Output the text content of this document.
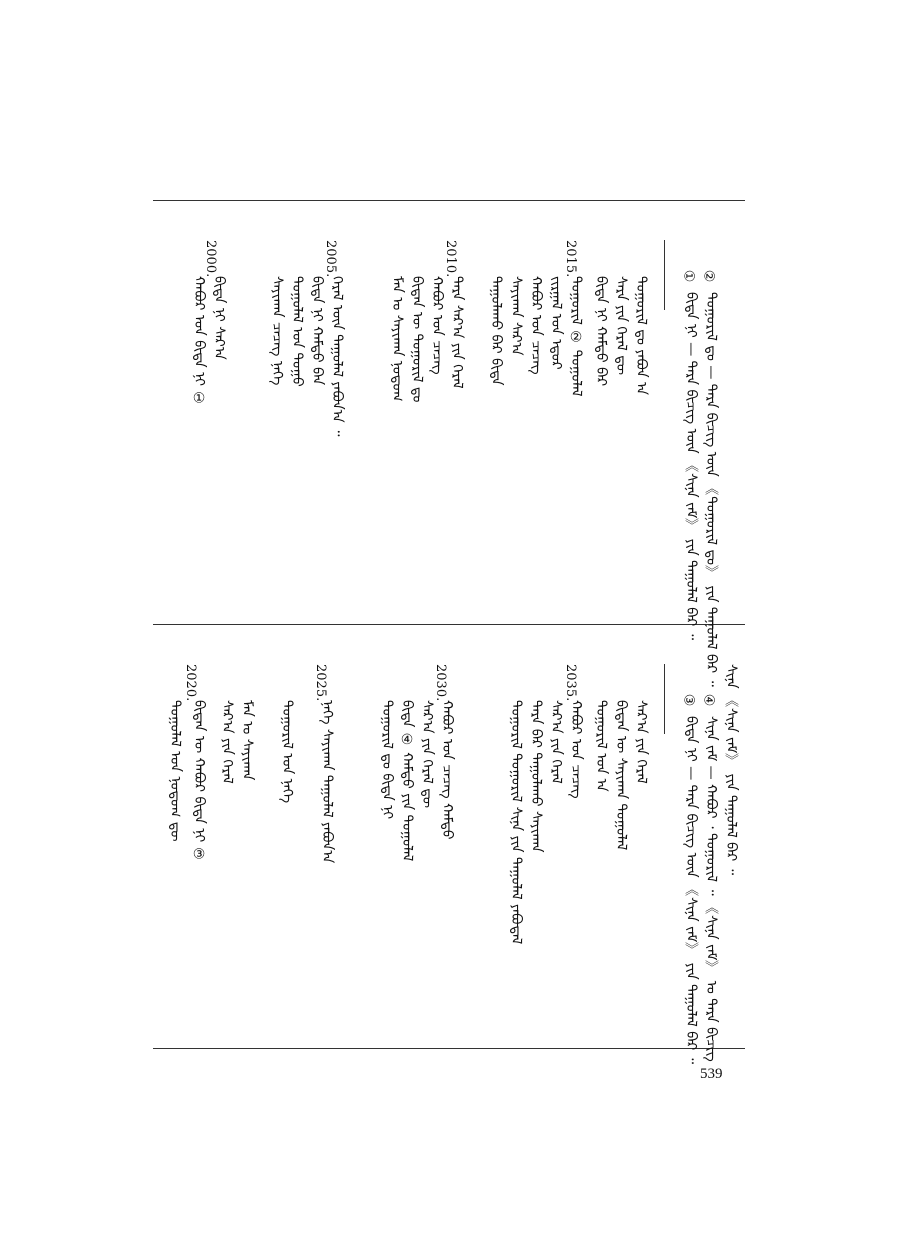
②
①
ᠲᠤᠭᠤᠷᠢᠯ ᠳᠤ — ᠲᠡᠷᠡ ᠪᠢᠴᠢᠭ᠌ ᠦᠨ 《ᠲᠤᠭᠤᠷᠢᠯ ᠳᠤ》 ᠶᠢᠨ ᠳᠠᠭᠤᠯᠠᠯ ᠪᠡᠷ ᠃
ᠪᠢᠳᠡ ᠨᠢ — ᠲᠡᠷᠡ ᠪᠢᠴᠢᠭ᠌ ᠦᠨ 《ᠰᠢᠨᠡ ᠵᠠᠮ》 ᠶᠢᠨ ᠳᠠᠭᠤᠯᠠᠯ ᠪᠡᠷ ᠃
2015.
2010.
2005.
2000.
ᠲᠤᠭᠤᠷᠢᠯ ᠳᠤ ᠶᠠᠪᠤᠨ ᠠ
ᠰᠠᠷᠠ ᠶᠢᠨ ᠭᠡᠷᠡᠯ ᠳᠦ
ᠪᠢᠳᠡ ᠨᠢ ᠬᠠᠮᠲᠤ ᠪᠡᠷ
ᠲᠤᠭᠤᠷᠢᠯ ② ᠳᠤᠭᠤᠯᠠᠯ
ᠵᠢᠷᠭᠠᠯ ᠤᠨ ᠡᠳᠦᠷ
ᠬᠠᠪᠤᠷ ᠤᠨ ᠴᠡᠴᠡᠭ
ᠰᠠᠶᠢᠬᠠᠨ ᠰᠠᠷ᠎ᠠ
ᠳᠠᠭᠤᠯᠠᠬᠤ ᠪᠠᠷ ᠪᠢᠳᠡ
ᠲᠡᠷᠡ ᠰᠠᠷ᠎ᠠ ᠶᠢᠨ ᠭᠡᠷᠡᠯ
ᠬᠠᠪᠤᠷ ᠤᠨ ᠴᠡᠴᠡᠭ
ᠪᠢᠳᠡᠨ ᠦ ᠲᠤᠭᠤᠷᠢᠯ ᠳᠤ
ᠮᠠᠨ ᠤ ᠰᠠᠶᠢᠬᠠᠨ ᠨᠤᠲᠤᠭ
ᠭᠡᠷᠡᠯ ᠦᠨ ᠳᠠᠭᠤᠯᠠᠯ ᠶᠠᠪᠤᠨ᠎ᠠ ᠃
ᠪᠢᠳᠡ ᠨᠢ ᠬᠠᠮᠲᠤ ᠪᠠᠨ
ᠳᠤᠭᠤᠯᠠᠯ ᠤᠨ ᠳᠤᠭᠤ
ᠰᠠᠶᠢᠬᠠᠨ ᠴᠡᠴᠡᠭ ᠨᠡᠭᠡ
ᠪᠢᠳᠡ ᠨᠢ ᠰᠠᠷ᠎ᠠ
ᠬᠠᠪᠤᠷ ᠤᠨ ᠪᠢᠳᠡ ᠨᠢ ①
ᠰᠢᠨᠡ 《ᠰᠢᠨᠡ ᠵᠠᠮ》 ᠶᠢᠨ ᠳᠠᠭᠤᠯᠠᠯ ᠪᠡᠷ ᠃
④
③
ᠰᠢᠨᠡ ᠵᠠᠮ — ᠬᠠᠪᠤᠷ ᠂ ᠲᠤᠭᠤᠷᠢᠯ ᠃ 《ᠰᠢᠨᠡ ᠵᠠᠮ》 ᠤ ᠲᠡᠷᠡ ᠪᠢᠴᠢᠭ᠌
ᠪᠢᠳᠡ ᠨᠢ — ᠲᠡᠷᠡ ᠪᠢᠴᠢᠭ᠌ ᠦᠨ 《ᠰᠢᠨᠡ ᠵᠠᠮ》 ᠶᠢᠨ ᠳᠠᠭᠤᠯᠠᠯ ᠪᠡᠷ ᠃
2035.
2030.
2025.
2020.
ᠰᠠᠷ᠎ᠠ ᠶᠢᠨ ᠭᠡᠷᠡᠯ
ᠪᠢᠳᠡᠨ ᠦ ᠰᠠᠶᠢᠬᠠᠨ ᠳᠤᠭᠤᠯᠠᠯ
ᠲᠤᠭᠤᠷᠢᠯ ᠤᠨ ᠠ
ᠬᠠᠪᠤᠷ ᠤᠨ ᠴᠡᠴᠡᠭ
ᠰᠠᠷ᠎ᠠ ᠶᠢᠨ ᠭᠡᠷᠡᠯ
ᠲᠡᠷᠡ ᠪᠡᠷ ᠳᠠᠭᠤᠯᠠᠬᠤ ᠰᠠᠶᠢᠬᠠᠨ
ᠲᠤᠭᠤᠷᠢᠯ ᠲᠤᠭᠤᠷᠢᠯ ᠰᠢᠨᠡ ᠶᠢᠨ ᠳᠠᠭᠤᠯᠠᠯ ᠶᠠᠪᠤᠳᠠᠯ
ᠬᠠᠪᠤᠷ ᠤᠨ ᠴᠡᠴᠡᠭ ᠬᠠᠮᠲᠤ
ᠰᠠᠷ᠎ᠠ ᠶᠢᠨ ᠭᠡᠷᠡᠯ ᠳᠦ
ᠪᠢᠳᠡ ④ ᠬᠠᠮᠲᠤ ᠶᠢᠨ ᠳᠤᠭᠤᠯᠠᠯ
ᠲᠤᠭᠤᠷᠢᠯ ᠳᠤ ᠪᠢᠳᠡ ᠨᠢ
ᠨᠡᠭᠡ ᠰᠠᠶᠢᠬᠠᠨ ᠳᠠᠭᠤᠯᠠᠯ ᠶᠠᠪᠤᠨ᠎ᠠ
ᠲᠤᠭᠤᠷᠢᠯ ᠤᠨ ᠨᠡᠭᠡ
ᠮᠠᠨ ᠤ ᠰᠠᠶᠢᠬᠠᠨ
ᠰᠠᠷ᠎ᠠ ᠶᠢᠨ ᠭᠡᠷᠡᠯ
ᠪᠢᠳᠡᠨ ᠦ ᠬᠠᠪᠤᠷ ᠪᠢᠳᠡ ᠨᠢ ③
ᠳᠤᠭᠤᠯᠠᠯ ᠤᠨ ᠨᠤᠲᠤᠭ ᠳᠦ
539
